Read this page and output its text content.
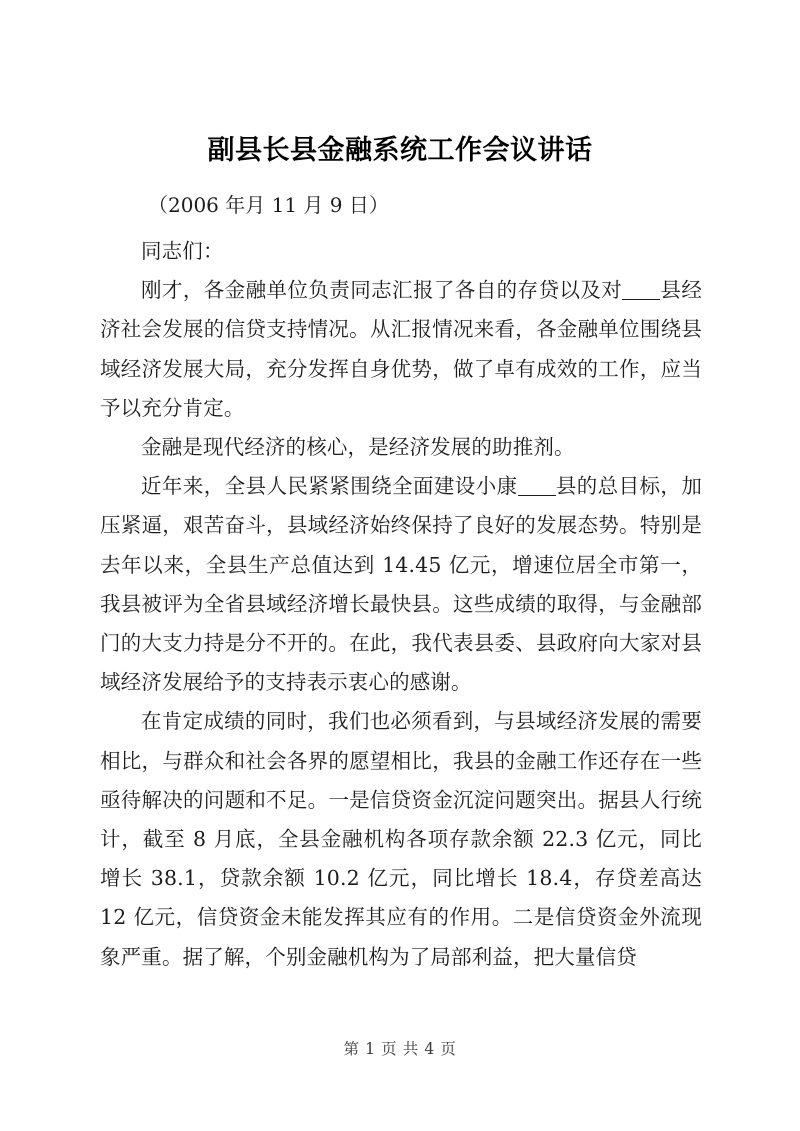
副县长县金融系统工作会议讲话
（2006 年月 11 月 9 日）

同志们：

刚才，各金融单位负责同志汇报了各自的存贷以及对 县经济社会发展的信贷支持情况。从汇报情况来看，各金融单位围绕县域经济发展大局，充分发挥自身优势，做了卓有成效的工作，应当予以充分肯定。

金融是现代经济的核心，是经济发展的助推剂。

近年来，全县人民紧紧围绕全面建设小康 县的总目标，加压紧逼，艰苦奋斗，县域经济始终保持了良好的发展态势。特别是去年以来，全县生产总值达到 14.45 亿元，增速位居全市第一，我县被评为全省县域经济增长最快县。这些成绩的取得，与金融部门的大支力持是分不开的。在此，我代表县委、县政府向大家对县域经济发展给予的支持表示衷心的感谢。

在肯定成绩的同时，我们也必须看到，与县域经济发展的需要相比，与群众和社会各界的愿望相比，我县的金融工作还存在一些亟待解决的问题和不足。一是信贷资金沉淀问题突出。据县人行统计，截至 8 月底，全县金融机构各项存款余额 22.3 亿元，同比增长 38.1，贷款余额 10.2 亿元，同比增长 18.4，存贷差高达 12 亿元，信贷资金未能发挥其应有的作用。二是信贷资金外流现象严重。据了解，个别金融机构为了局部利益，把大量信贷

第 1 页 共 4 页
